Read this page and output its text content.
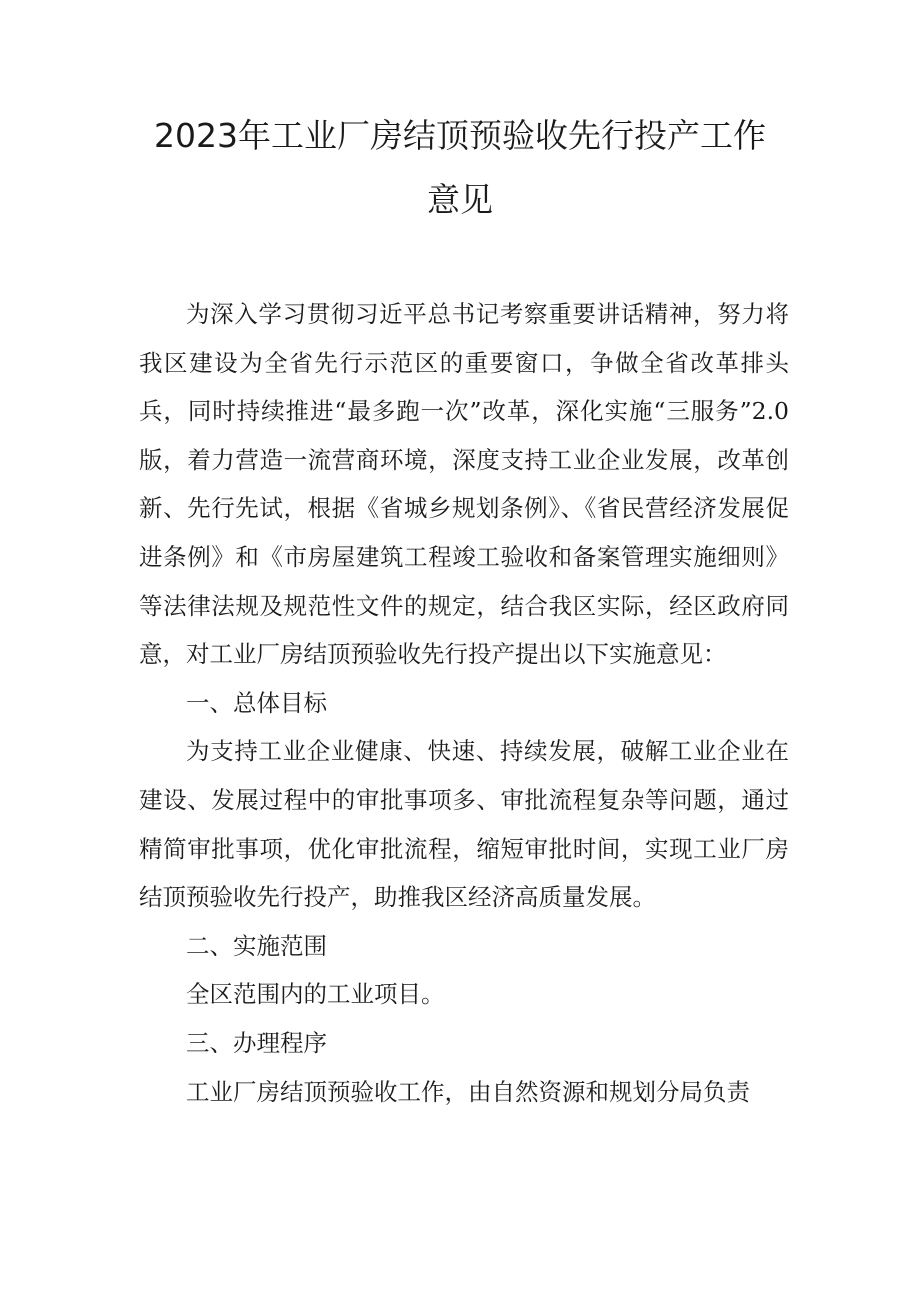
2023年工业厂房结顶预验收先行投产工作
意见

为深入学习贯彻习近平总书记考察重要讲话精神，努力将我区建设为全省先行示范区的重要窗口，争做全省改革排头兵，同时持续推进“最多跑一次”改革，深化实施“三服务”2.0版，着力营造一流营商环境，深度支持工业企业发展，改革创新、先行先试，根据《省城乡规划条例》、《省民营经济发展促进条例》和《市房屋建筑工程竣工验收和备案管理实施细则》等法律法规及规范性文件的规定，结合我区实际，经区政府同意，对工业厂房结顶预验收先行投产提出以下实施意见：

一、总体目标

为支持工业企业健康、快速、持续发展，破解工业企业在建设、发展过程中的审批事项多、审批流程复杂等问题，通过精简审批事项，优化审批流程，缩短审批时间，实现工业厂房结顶预验收先行投产，助推我区经济高质量发展。

二、实施范围

全区范围内的工业项目。

三、办理程序

工业厂房结顶预验收工作，由自然资源和规划分局负责
